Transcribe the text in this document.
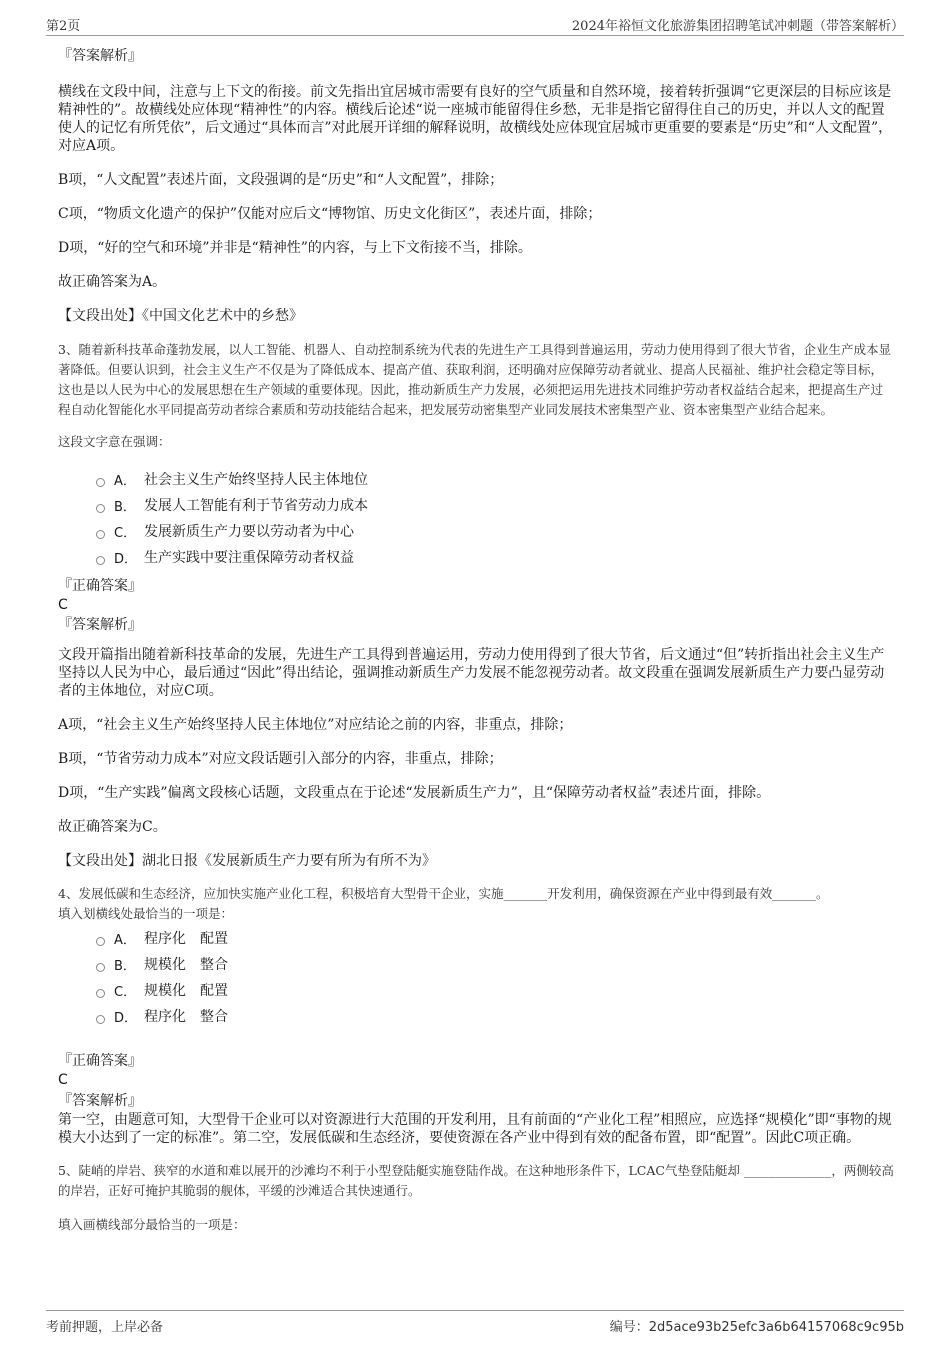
第2页	2024年裕恒文化旅游集团招聘笔试冲刺题（带答案解析）

『答案解析』

横线在文段中间，注意与上下文的衔接。前文先指出宜居城市需要有良好的空气质量和自然环境，接着转折强调“它更深层的目标应该是精神性的”。故横线处应体现“精神性”的内容。横线后论述“说一座城市能留得住乡愁，无非是指它留得住自己的历史，并以人文的配置使人的记忆有所凭依”，后文通过“具体而言”对此展开详细的解释说明，故横线处应体现宜居城市更重要的要素是“历史”和“人文配置”，对应A项。

B项，“人文配置”表述片面，文段强调的是“历史”和“人文配置”，排除；

C项，“物质文化遗产的保护”仅能对应后文“博物馆、历史文化街区”，表述片面，排除；

D项，“好的空气和环境”并非是“精神性”的内容，与上下文衔接不当，排除。

故正确答案为A。

【文段出处】《中国文化艺术中的乡愁》

3、随着新科技革命蓬勃发展，以人工智能、机器人、自动控制系统为代表的先进生产工具得到普遍运用，劳动力使用得到了很大节省，企业生产成本显著降低。但要认识到，社会主义生产不仅是为了降低成本、提高产值、获取利润，还明确对应保障劳动者就业、提高人民福祉、维护社会稳定等目标，这也是以人民为中心的发展思想在生产领域的重要体现。因此，推动新质生产力发展，必须把运用先进技术同维护劳动者权益结合起来，把提高生产过程自动化智能化水平同提高劳动者综合素质和劳动技能结合起来，把发展劳动密集型产业同发展技术密集型产业、资本密集型产业结合起来。

这段文字意在强调：

A． 社会主义生产始终坚持人民主体地位
B． 发展人工智能有利于节省劳动力成本
C． 发展新质生产力要以劳动者为中心
D． 生产实践中要注重保障劳动者权益

『正确答案』

C

『答案解析』

文段开篇指出随着新科技革命的发展，先进生产工具得到普遍运用，劳动力使用得到了很大节省，后文通过“但”转折指出社会主义生产坚持以人民为中心，最后通过“因此”得出结论，强调推动新质生产力发展不能忽视劳动者。故文段重在强调发展新质生产力要凸显劳动者的主体地位，对应C项。

A项，“社会主义生产始终坚持人民主体地位”对应结论之前的内容，非重点，排除；

B项，“节省劳动力成本”对应文段话题引入部分的内容，非重点，排除；

D项，“生产实践”偏离文段核心话题，文段重点在于论述“发展新质生产力”，且“保障劳动者权益”表述片面，排除。

故正确答案为C。

【文段出处】湖北日报《发展新质生产力要有所为有所不为》

4、发展低碳和生态经济，应加快实施产业化工程，积极培育大型骨干企业，实施_______开发利用，确保资源在产业中得到最有效_______。

填入划横线处最恰当的一项是：

A． 程序化　配置
B． 规模化　整合
C． 规模化　配置
D． 程序化　整合

『正确答案』

C

『答案解析』

第一空，由题意可知，大型骨干企业可以对资源进行大范围的开发利用，且有前面的“产业化工程”相照应，应选择“规模化”即“事物的规模大小达到了一定的标准”。第二空，发展低碳和生态经济，要使资源在各产业中得到有效的配备布置，即“配置”。因此C项正确。

5、陡峭的岸岩、狭窄的水道和难以展开的沙滩均不利于小型登陆艇实施登陆作战。在这种地形条件下，LCAC气垫登陆艇却 ______________，两侧较高的岸岩，正好可掩护其脆弱的舰体，平缓的沙滩适合其快速通行。

填入画横线部分最恰当的一项是：

考前押题，上岸必备	编号：2d5ace93b25efc3a6b64157068c9c95b
